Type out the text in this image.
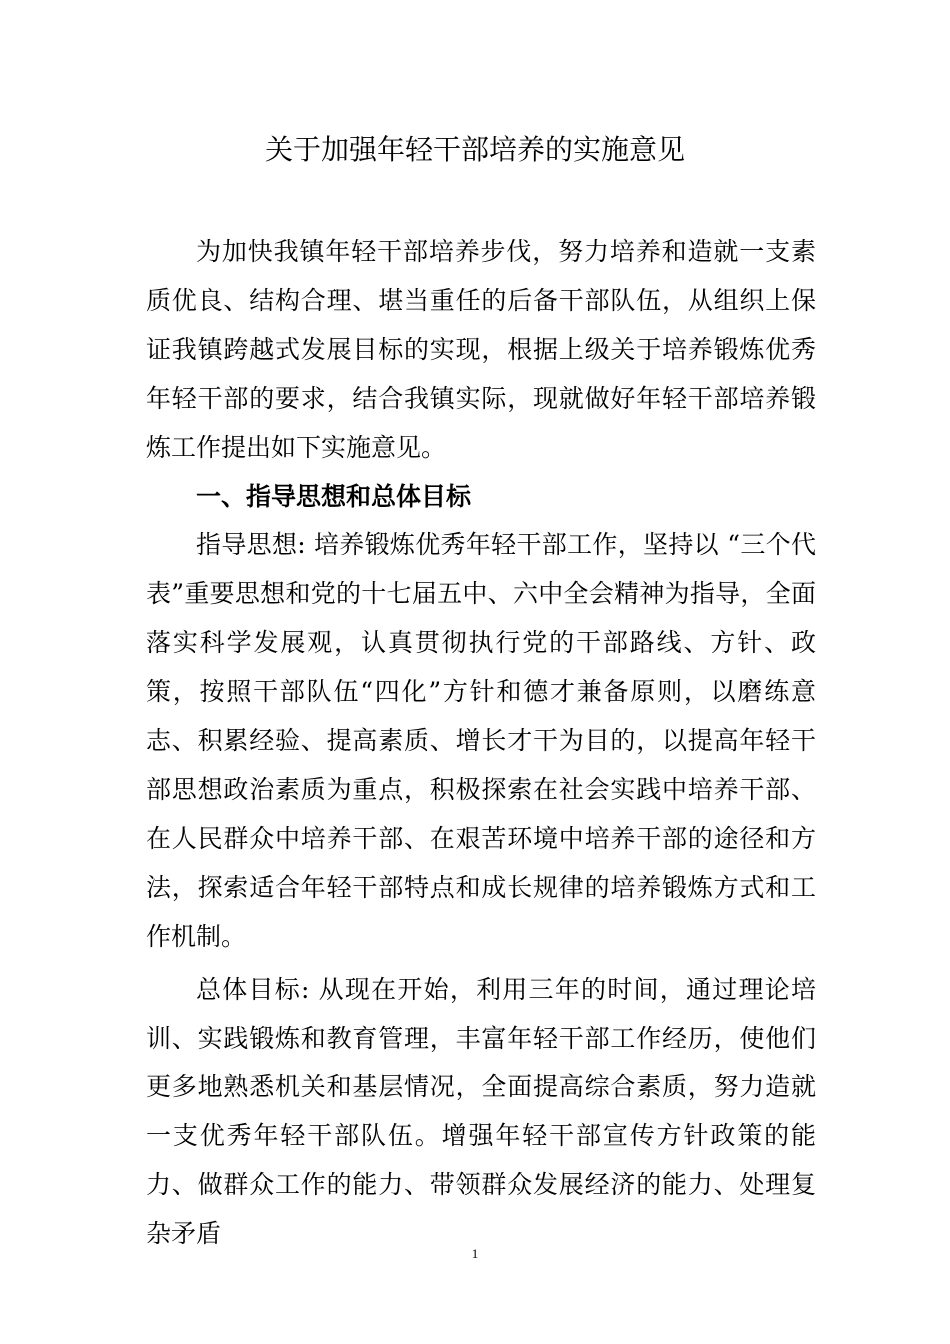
关于加强年轻干部培养的实施意见

为加快我镇年轻干部培养步伐，努力培养和造就一支素质优良、结构合理、堪当重任的后备干部队伍，从组织上保证我镇跨越式发展目标的实现，根据上级关于培养锻炼优秀年轻干部的要求，结合我镇实际，现就做好年轻干部培养锻炼工作提出如下实施意见。

一、指导思想和总体目标

指导思想: 培养锻炼优秀年轻干部工作，坚持以 “三个代表”重要思想和党的十七届五中、六中全会精神为指导，全面落实科学发展观，认真贯彻执行党的干部路线、方针、政策，按照干部队伍“四化”方针和德才兼备原则，以磨练意志、积累经验、提高素质、增长才干为目的，以提高年轻干部思想政治素质为重点，积极探索在社会实践中培养干部、在人民群众中培养干部、在艰苦环境中培养干部的途径和方法，探索适合年轻干部特点和成长规律的培养锻炼方式和工作机制。

总体目标: 从现在开始，利用三年的时间，通过理论培训、实践锻炼和教育管理，丰富年轻干部工作经历，使他们更多地熟悉机关和基层情况，全面提高综合素质，努力造就一支优秀年轻干部队伍。增强年轻干部宣传方针政策的能力、做群众工作的能力、带领群众发展经济的能力、处理复杂矛盾

1
